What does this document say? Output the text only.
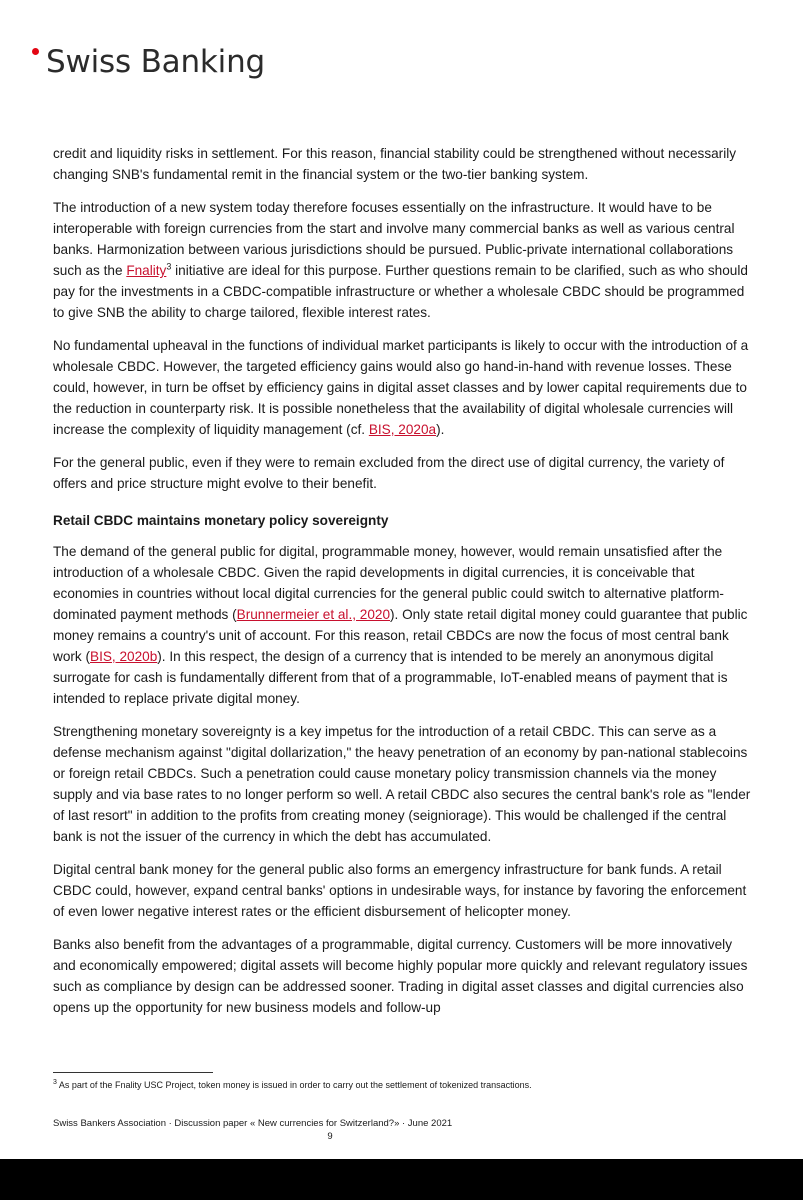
Swiss Banking

credit and liquidity risks in settlement. For this reason, financial stability could be strengthened without necessarily changing SNB's fundamental remit in the financial system or the two-tier banking system.

The introduction of a new system today therefore focuses essentially on the infrastructure. It would have to be interoperable with foreign currencies from the start and involve many commercial banks as well as various central banks. Harmonization between various jurisdictions should be pursued. Public-private international collaborations such as the Fnality$^3$ initiative are ideal for this purpose. Further questions remain to be clarified, such as who should pay for the investments in a CBDC-compatible infrastructure or whether a wholesale CBDC should be programmed to give SNB the ability to charge tailored, flexible interest rates.

No fundamental upheaval in the functions of individual market participants is likely to occur with the introduction of a wholesale CBDC. However, the targeted efficiency gains would also go hand-in-hand with revenue losses. These could, however, in turn be offset by efficiency gains in digital asset classes and by lower capital requirements due to the reduction in counterparty risk. It is possible nonetheless that the availability of digital wholesale currencies will increase the complexity of liquidity management (cf. BIS, 2020a).

For the general public, even if they were to remain excluded from the direct use of digital currency, the variety of offers and price structure might evolve to their benefit.

Retail CBDC maintains monetary policy sovereignty

The demand of the general public for digital, programmable money, however, would remain unsatisfied after the introduction of a wholesale CBDC. Given the rapid developments in digital currencies, it is conceivable that economies in countries without local digital currencies for the general public could switch to alternative platform-dominated payment methods (Brunnermeier et al., 2020). Only state retail digital money could guarantee that public money remains a country's unit of account. For this reason, retail CBDCs are now the focus of most central bank work (BIS, 2020b). In this respect, the design of a currency that is intended to be merely an anonymous digital surrogate for cash is fundamentally different from that of a programmable, IoT-enabled means of payment that is intended to replace private digital money.

Strengthening monetary sovereignty is a key impetus for the introduction of a retail CBDC. This can serve as a defense mechanism against "digital dollarization," the heavy penetration of an economy by pan-national stablecoins or foreign retail CBDCs. Such a penetration could cause monetary policy transmission channels via the money supply and via base rates to no longer perform so well. A retail CBDC also secures the central bank's role as "lender of last resort" in addition to the profits from creating money (seigniorage). This would be challenged if the central bank is not the issuer of the currency in which the debt has accumulated.

Digital central bank money for the general public also forms an emergency infrastructure for bank funds. A retail CBDC could, however, expand central banks' options in undesirable ways, for instance by favoring the enforcement of even lower negative interest rates or the efficient disbursement of helicopter money.

Banks also benefit from the advantages of a programmable, digital currency. Customers will be more innovatively and economically empowered; digital assets will become highly popular more quickly and relevant regulatory issues such as compliance by design can be addressed sooner. Trading in digital asset classes and digital currencies also opens up the opportunity for new business models and follow-up

$^3$ As part of the Fnality USC Project, token money is issued in order to carry out the settlement of tokenized transactions.

Swiss Bankers Association · Discussion paper « New currencies for Switzerland?» · June 2021

9
